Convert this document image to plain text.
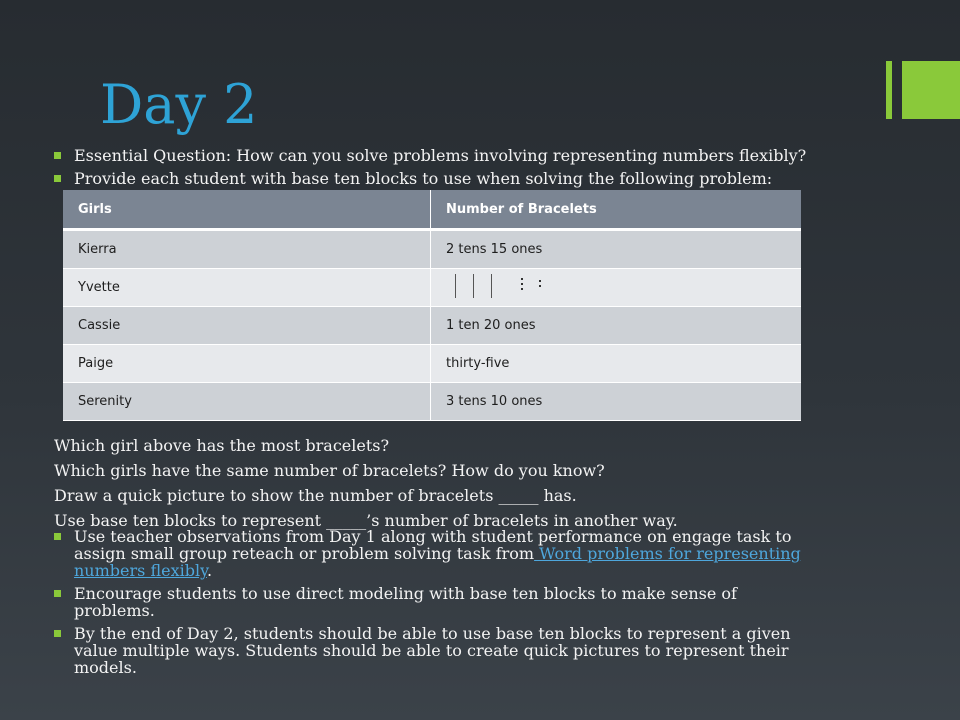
Day 2
Essential Question: How can you solve problems involving representing numbers flexibly?
Provide each student with base ten blocks to use when solving the following problem:
Girls	Number of Bracelets
Kierra	2 tens 15 ones
Yvette	

Cassie	1 ten 20 ones
Paige	thirty-five
Serenity	3 tens 10 ones
Which girl above has the most bracelets?
Which girls have the same number of bracelets? How do you know?
Draw a quick picture to show the number of bracelets _____ has.
Use base ten blocks to represent _____’s number of bracelets in another way.
Use teacher observations from Day 1 along with student performance on engage task to assign small group reteach or problem solving task from Word problems for representing numbers flexibly.
Encourage students to use direct modeling with base ten blocks to make sense of problems.
By the end of Day 2, students should be able to use base ten blocks to represent a given value multiple ways. Students should be able to create quick pictures to represent their models.
